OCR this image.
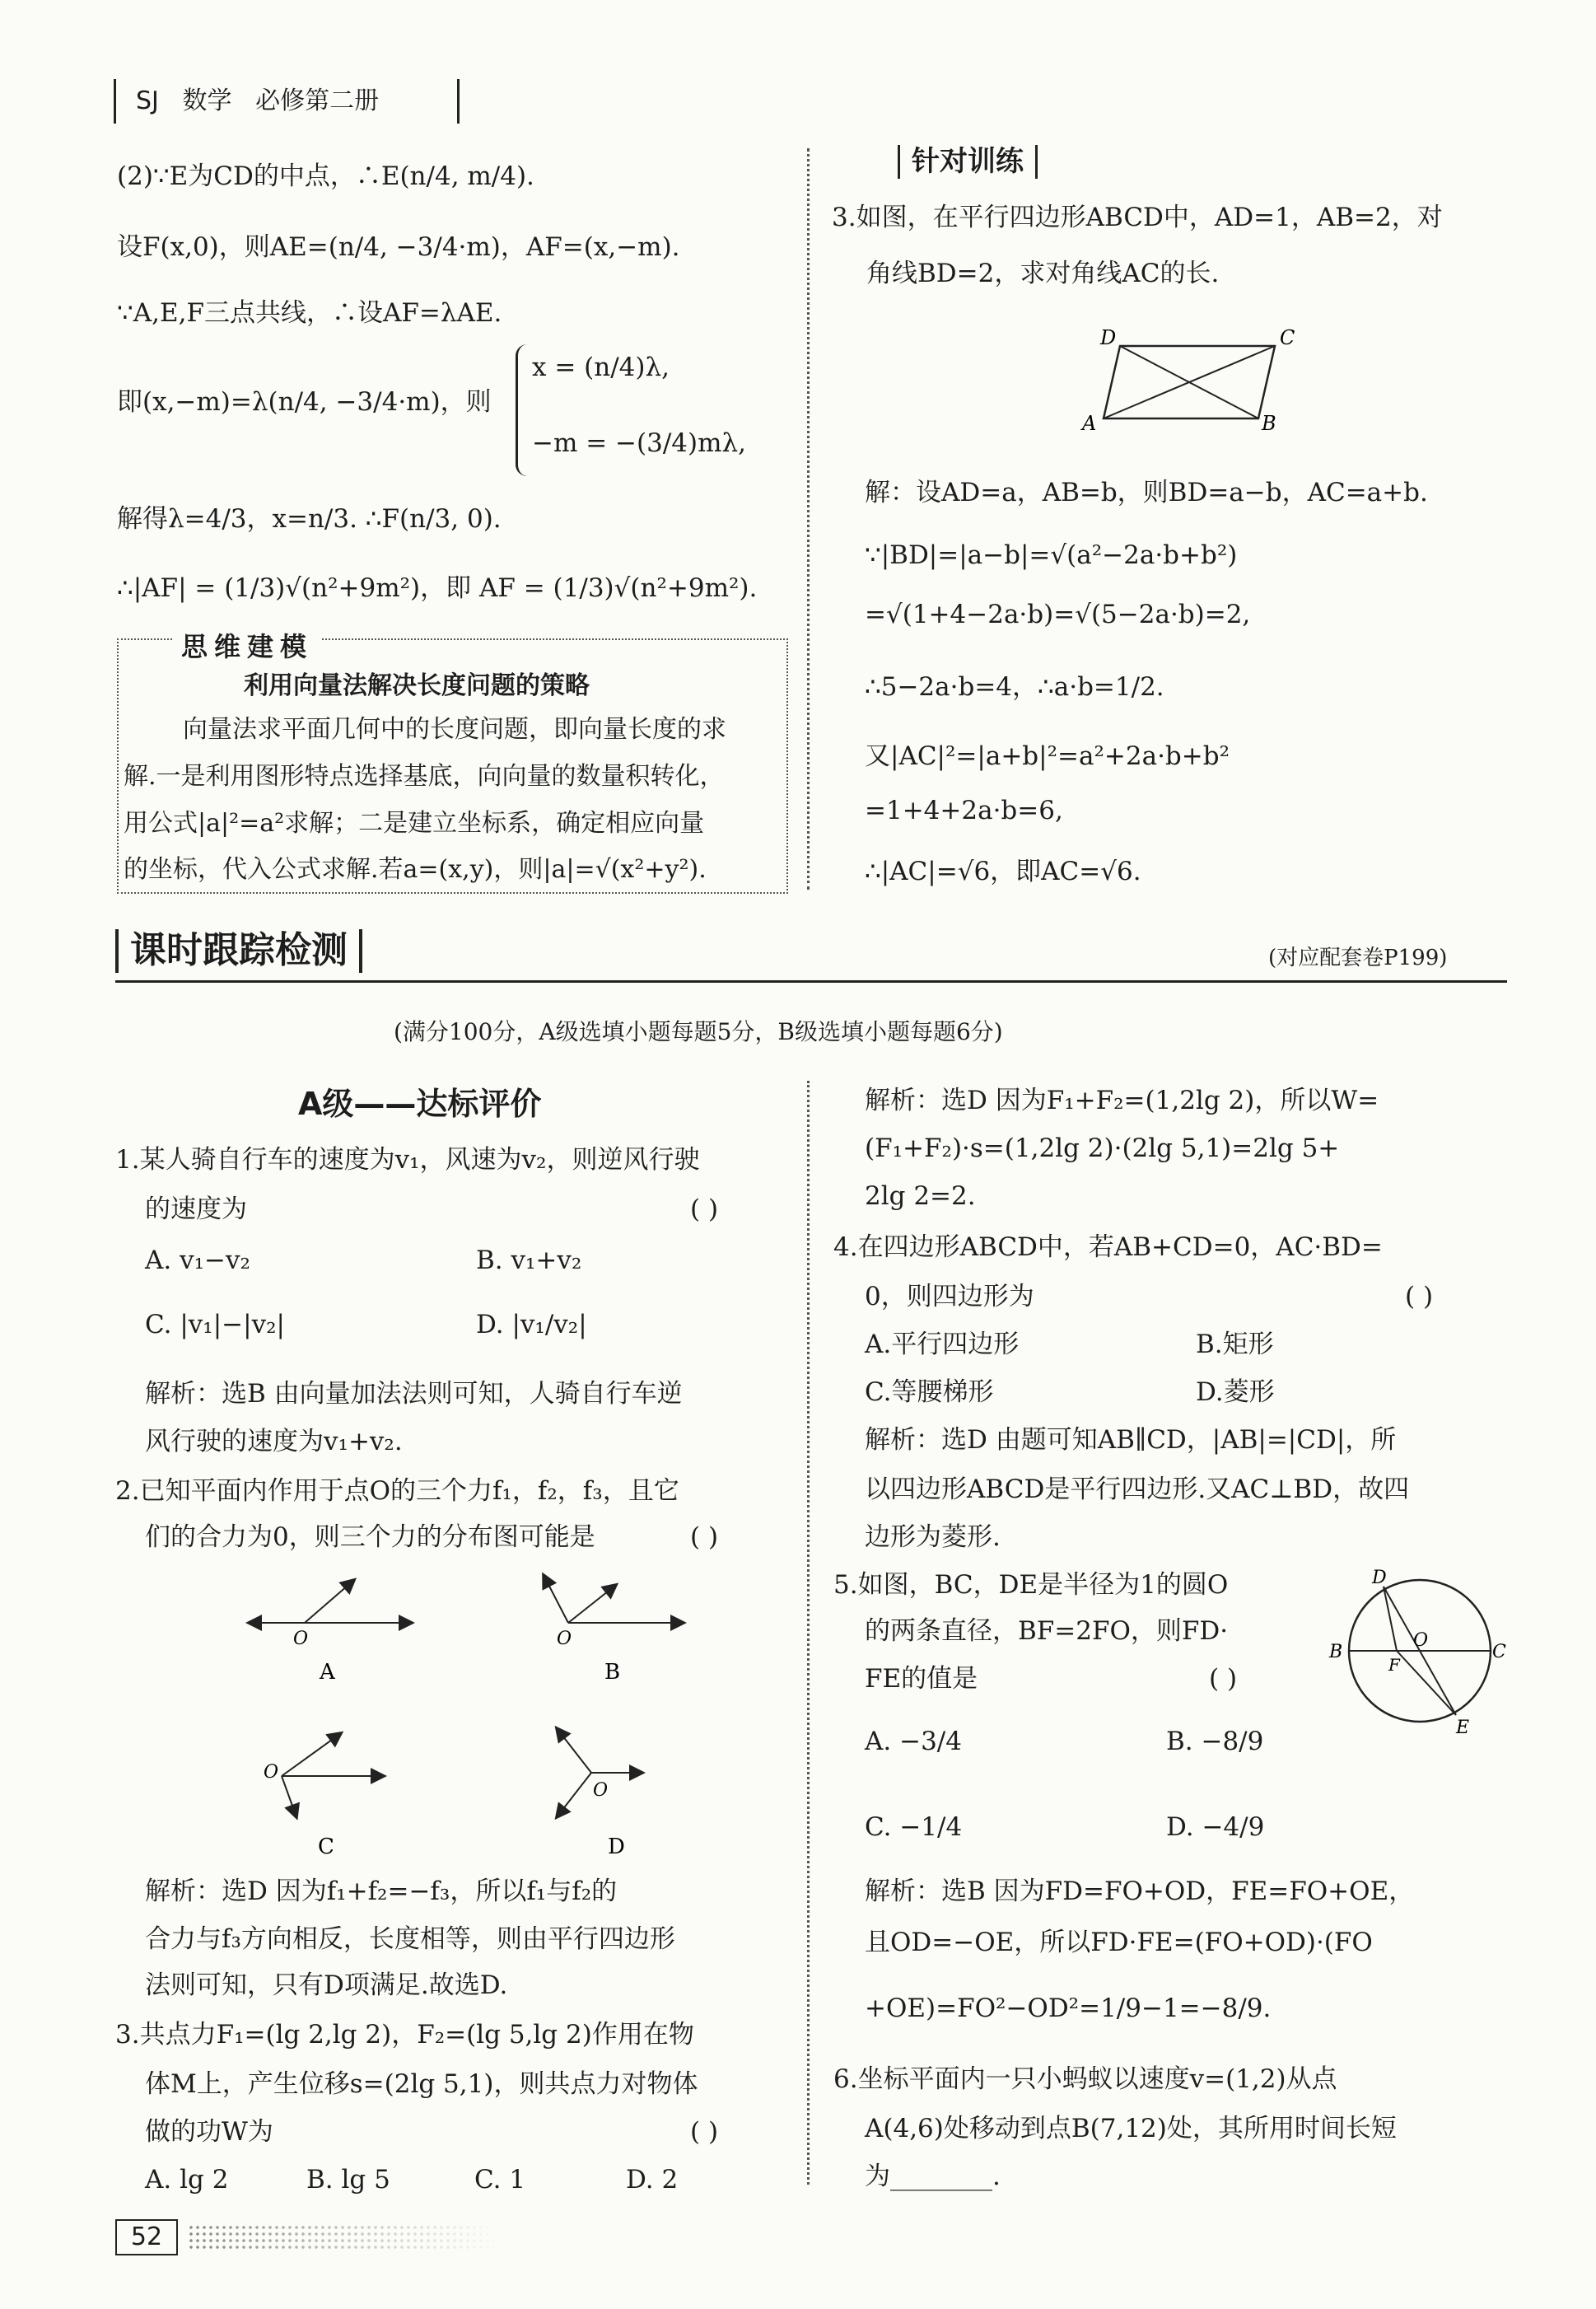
SJ 数学 必修第二册
(2)∵E为CD的中点，∴E(n/4, m/4).
设F(x,0)，则AE=(n/4, −3/4·m)，AF=(x,−m).
∵A,E,F三点共线，∴设AF=λAE.
即(x,−m)=λ(n/4, −3/4·m)，则
x = (n/4)λ,
−m = −(3/4)mλ,
解得λ=4/3，x=n/3. ∴F(n/3, 0).
∴|AF| = (1/3)√(n²+9m²)，即 AF = (1/3)√(n²+9m²).
思维建模
利用向量法解决长度问题的策略
向量法求平面几何中的长度问题，即向量长度的求
解.一是利用图形特点选择基底，向向量的数量积转化，
用公式|a|²=a²求解；二是建立坐标系，确定相应向量
的坐标，代入公式求解.若a=(x,y)，则|a|=√(x²+y²).
针对训练
3.如图，在平行四边形ABCD中，AD=1，AB=2，对
角线BD=2，求对角线AC的长.
D	C
A	B
解：设AD=a，AB=b，则BD=a−b，AC=a+b.
∵|BD|=|a−b|=√(a²−2a·b+b²)
=√(1+4−2a·b)=√(5−2a·b)=2,
∴5−2a·b=4，∴a·b=1/2.
又|AC|²=|a+b|²=a²+2a·b+b²
=1+4+2a·b=6,
∴|AC|=√6，即AC=√6.
课时跟踪检测	(对应配套卷P199)
(满分100分，A级选填小题每题5分，B级选填小题每题6分)
A级——达标评价
1.某人骑自行车的速度为v₁，风速为v₂，则逆风行驶
的速度为	( )
A. v₁−v₂	B. v₁+v₂
C. |v₁|−|v₂|	D. |v₁/v₂|
解析：选B 由向量加法法则可知，人骑自行车逆
风行驶的速度为v₁+v₂.
2.已知平面内作用于点O的三个力f₁，f₂，f₃，且它
们的合力为0，则三个力的分布图可能是	( )
O
A
O
B
O
C
O
D
解析：选D 因为f₁+f₂=−f₃，所以f₁与f₂的
合力与f₃方向相反，长度相等，则由平行四边形
法则可知，只有D项满足.故选D.
3.共点力F₁=(lg 2,lg 2)，F₂=(lg 5,lg 2)作用在物
体M上，产生位移s=(2lg 5,1)，则共点力对物体
做的功W为	( )
A. lg 2	B. lg 5	C. 1	D. 2
解析：选D 因为F₁+F₂=(1,2lg 2)，所以W=
(F₁+F₂)·s=(1,2lg 2)·(2lg 5,1)=2lg 5+
2lg 2=2.
4.在四边形ABCD中，若AB+CD=0，AC·BD=
0，则四边形为	( )
A.平行四边形	B.矩形
C.等腰梯形	D.菱形
解析：选D 由题可知AB∥CD，|AB|=|CD|，所
以四边形ABCD是平行四边形.又AC⊥BD，故四
边形为菱形.
5.如图，BC，DE是半径为1的圆O
的两条直径，BF=2FO，则FD·
FE的值是	( )
D
B
F
O
C
E
A. −3/4	B. −8/9
C. −1/4	D. −4/9
解析：选B 因为FD=FO+OD，FE=FO+OE，
且OD=−OE，所以FD·FE=(FO+OD)·(FO
+OE)=FO²−OD²=1/9−1=−8/9.
6.坐标平面内一只小蚂蚁以速度v=(1,2)从点
A(4,6)处移动到点B(7,12)处，其所用时间长短
为________.
52
